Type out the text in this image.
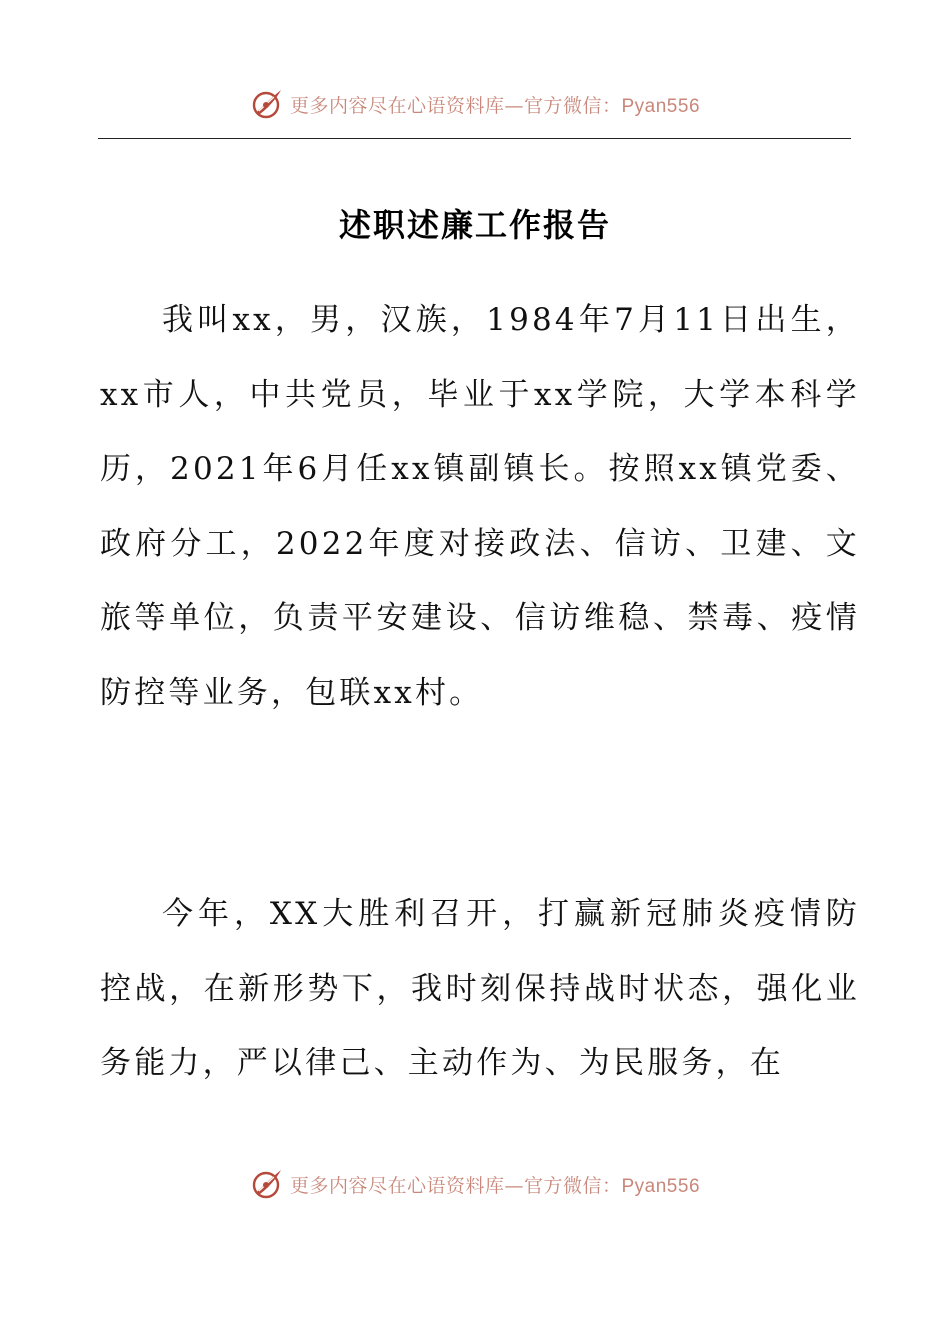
更多内容尽在心语资料库—官方微信：Pyan556
述职述廉工作报告

我叫xx，男，汉族，1984年7月11日出生，xx市人，中共党员，毕业于xx学院，大学本科学历，2021年6月任xx镇副镇长。按照xx镇党委、政府分工，2022年度对接政法、信访、卫建、文旅等单位，负责平安建设、信访维稳、禁毒、疫情防控等业务，包联xx村。

今年，XX大胜利召开，打赢新冠肺炎疫情防控战，在新形势下，我时刻保持战时状态，强化业务能力，严以律己、主动作为、为民服务，在

更多内容尽在心语资料库—官方微信：Pyan556
